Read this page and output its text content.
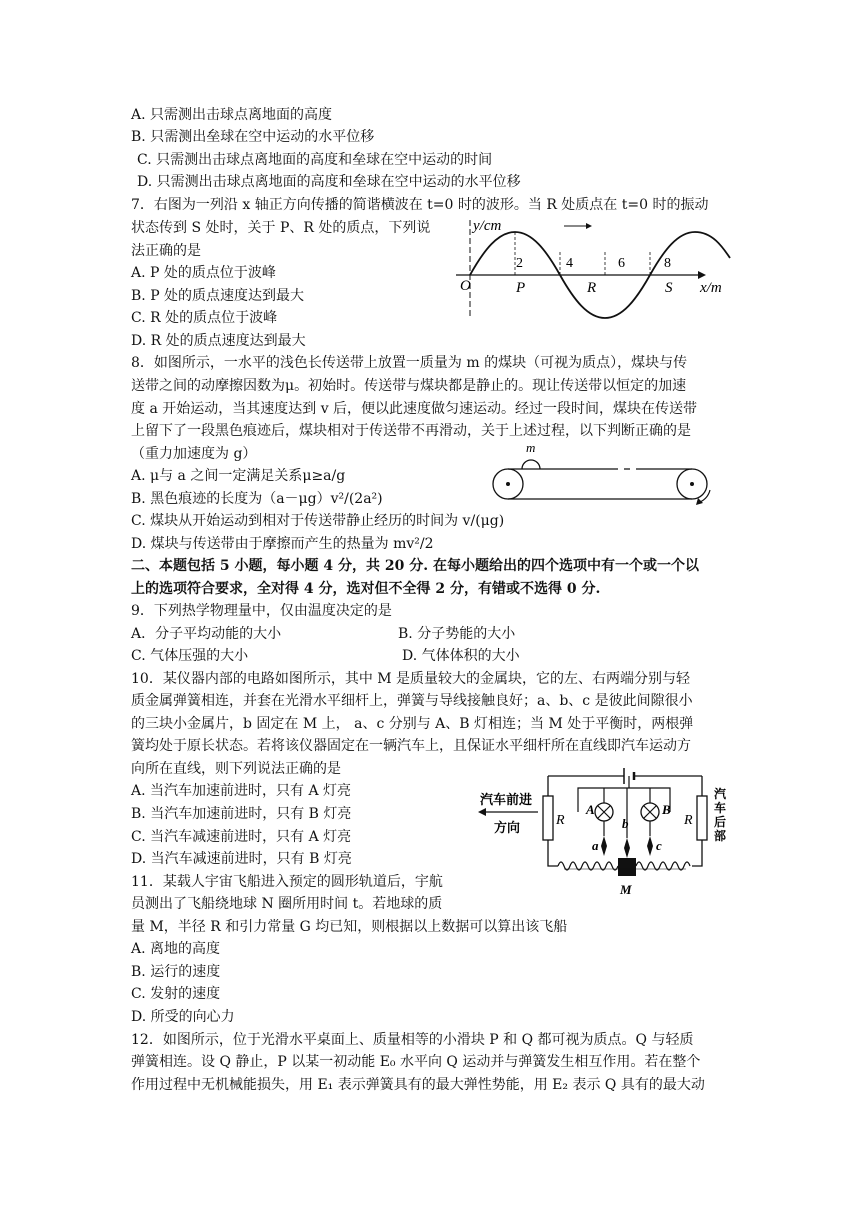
A. 只需测出击球点离地面的高度
B. 只需测出垒球在空中运动的水平位移
C. 只需测出击球点离地面的高度和垒球在空中运动的时间
D. 只需测出击球点离地面的高度和垒球在空中运动的水平位移
7．右图为一列沿 x 轴正方向传播的简谐横波在 t=0 时的波形。当 R 处质点在 t=0 时的振动
状态传到 S 处时，关于 P、R 处的质点，下列说
法正确的是
A. P 处的质点位于波峰
B. P 处的质点速度达到最大
C. R 处的质点位于波峰
D. R 处的质点速度达到最大
y/cm
O	x/m
2	4	6	8
P	R	S
8．如图所示，一水平的浅色长传送带上放置一质量为 m 的煤块（可视为质点），煤块与传
送带之间的动摩擦因数为μ。初始时。传送带与煤块都是静止的。现让传送带以恒定的加速
度 a 开始运动，当其速度达到 v 后，便以此速度做匀速运动。经过一段时间，煤块在传送带
上留下了一段黑色痕迹后，煤块相对于传送带不再滑动，关于上述过程，以下判断正确的是
（重力加速度为 g）
A. μ与 a 之间一定满足关系μ≥a/g
B. 黑色痕迹的长度为（a－μg）v²/(2a²)
C. 煤块从开始运动到相对于传送带静止经历的时间为 v/(μg)
D. 煤块与传送带由于摩擦而产生的热量为 mv²/2
m
二、本题包括 5 小题，每小题 4 分，共 20 分. 在每小题给出的四个选项中有一个或一个以
上的选项符合要求，全对得 4 分，选对但不全得 2 分，有错或不选得 0 分.
9．下列热学物理量中，仅由温度决定的是
A．分子平均动能的大小	B. 分子势能的大小
C. 气体压强的大小	D. 气体体积的大小
10．某仪器内部的电路如图所示，其中 M 是质量较大的金属块，它的左、右两端分别与轻
质金属弹簧相连，并套在光滑水平细杆上，弹簧与导线接触良好；a、b、c 是彼此间隙很小
的三块小金属片，b 固定在 M 上， a、c 分别与 A、B 灯相连；当 M 处于平衡时，两根弹
簧均处于原长状态。若将该仪器固定在一辆汽车上，且保证水平细杆所在直线即汽车运动方
向所在直线，则下列说法正确的是
A. 当汽车加速前进时，只有 A 灯亮
B. 当汽车加速前进时，只有 B 灯亮
C. 当汽车减速前进时，只有 A 灯亮
D. 当汽车减速前进时，只有 B 灯亮
汽车前进
方向
汽
车
后
部
R	R
A	B
a
b
c
M
11．某载人宇宙飞船进入预定的圆形轨道后，宇航
员测出了飞船绕地球 N 圈所用时间 t。若地球的质
量 M，半径 R 和引力常量 G 均已知，则根据以上数据可以算出该飞船
A. 离地的高度
B. 运行的速度
C. 发射的速度
D. 所受的向心力
12．如图所示，位于光滑水平桌面上、质量相等的小滑块 P 和 Q 都可视为质点。Q 与轻质
弹簧相连。设 Q 静止，P 以某一初动能 E₀ 水平向 Q 运动并与弹簧发生相互作用。若在整个
作用过程中无机械能损失，用 E₁ 表示弹簧具有的最大弹性势能，用 E₂ 表示 Q 具有的最大动
